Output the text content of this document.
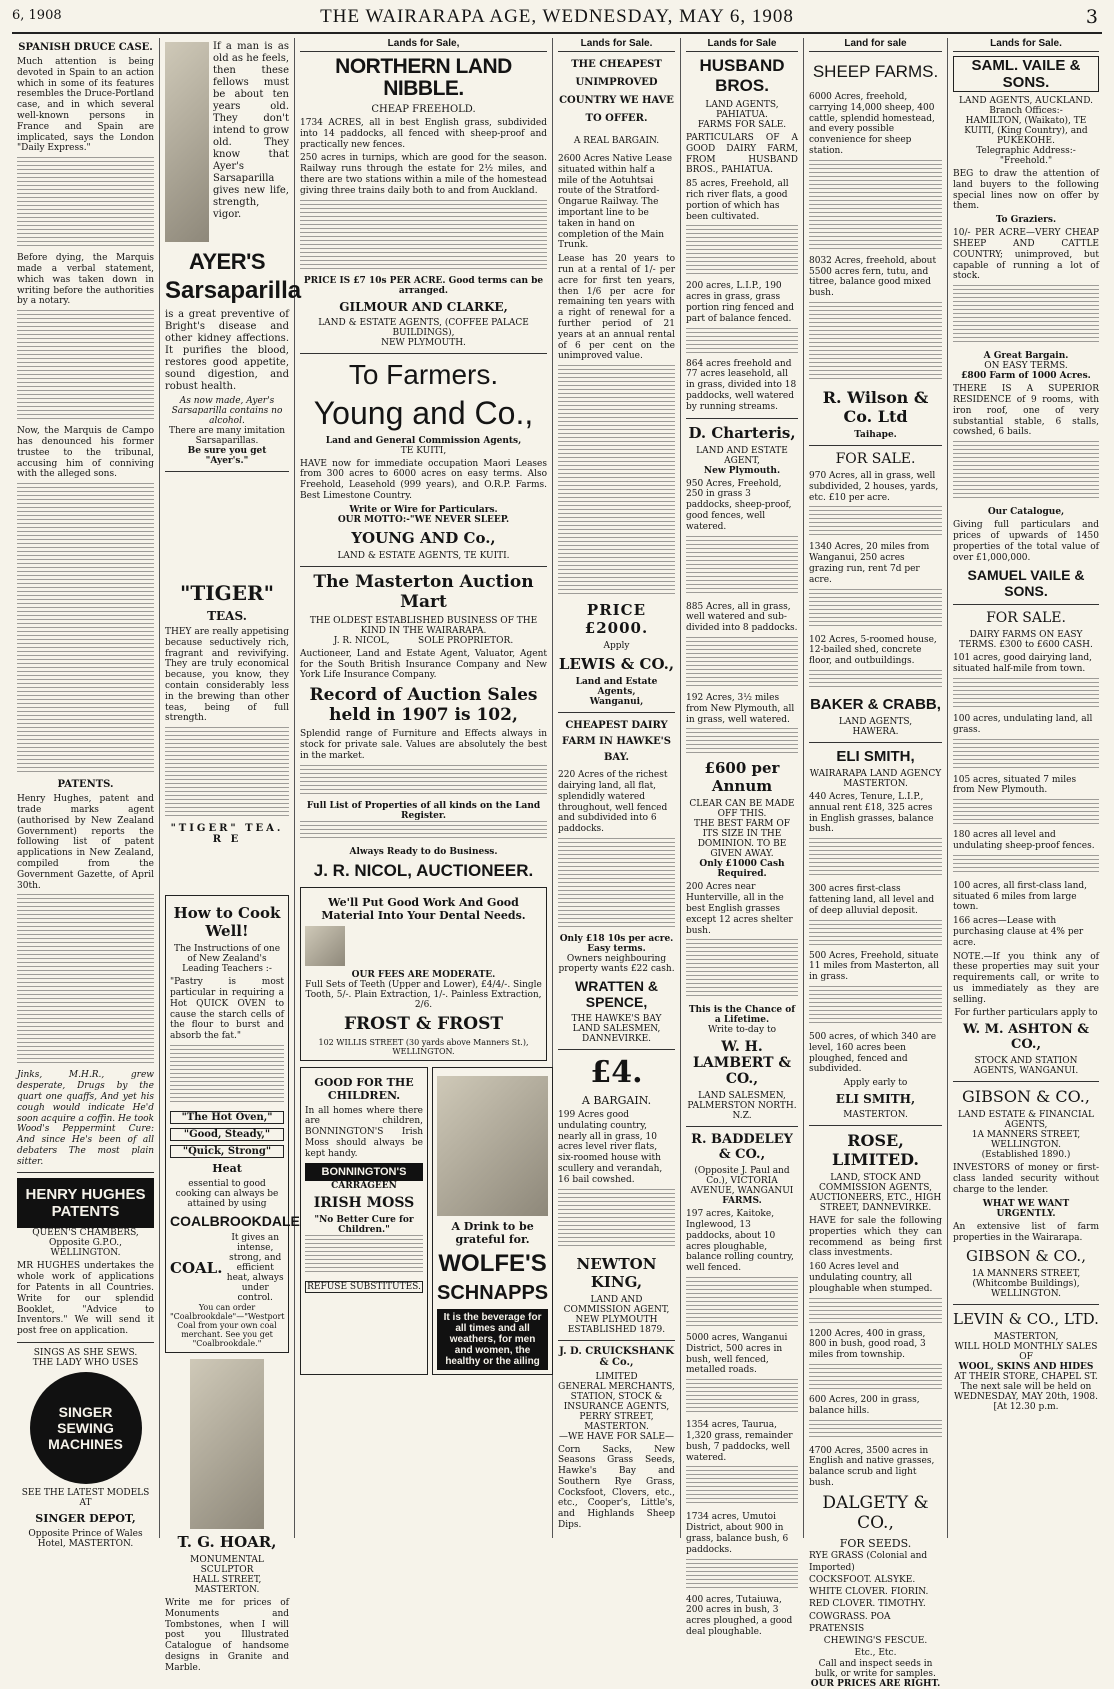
6, 1908	THE WAIRARAPA AGE, WEDNESDAY, MAY 6, 1908	3
SPANISH DRUCE CASE.

Much attention is being devoted in Spain to an action which in some of its features resembles the Druce-Portland case, and in which several well-known persons in France and Spain are implicated, says the London "Daily Express."

Before dying, the Marquis made a verbal statement, which was taken down in writing before the authorities by a notary.

Now, the Marquis de Campo has denounced his former trustee to the tribunal, accusing him of conniving with the alleged sons.

PATENTS.

Henry Hughes, patent and trade marks agent (authorised by New Zealand Government) reports the following list of patent applications in New Zealand, compiled from the Government Gazette, of April 30th.

Jinks, M.H.R., grew desperate, Drugs by the quart one quaffs, And yet his cough would indicate He'd soon acquire a coffin. He took Wood's Peppermint Cure: And since He's been of all debaters The most plain sitter.

HENRY HUGHES PATENTS
QUEEN'S CHAMBERS, Opposite G.P.O., WELLINGTON.

MR HUGHES undertakes the whole work of applications for Patents in all Countries. Write for our splendid Booklet, "Advice to Inventors." We will send it post free on application.

SINGS AS SHE SEWS.
THE LADY WHO USES
SINGER SEWING MACHINES
SEE THE LATEST MODELS
AT
SINGER DEPOT,
Opposite Prince of Wales Hotel, MASTERTON.

If a man is as old as he feels, then these fellows must be about ten years old. They don't intend to grow old. They know that Ayer's Sarsaparilla gives new life, strength, vigor.

AYER'S
Sarsaparilla

is a great preventive of Bright's disease and other kidney affections. It purifies the blood, restores good appetite, sound digestion, and robust health.

As now made, Ayer's Sarsaparilla contains no alcohol.
There are many imitation Sarsaparillas.
Be sure you get "Ayer's."
"TIGER"
TEAS.

THEY are really appetising because seductively rich, fragrant and revivifying. They are truly economical because, you know, they contain considerably less in the brewing than other teas, being of full strength.

"TIGER" TEA. R E
How to Cook Well!
The Instructions of one of New Zealand's Leading Teachers :-

"Pastry is most particular in requiring a Hot QUICK OVEN to cause the starch cells of the flour to burst and absorb the fat."

"The Hot Oven,"
"Good, Steady,"
"Quick, Strong"
Heat
essential to good cooking can always be attained by using
COALBROOKDALE
COAL.
It gives an intense, strong, and efficient heat, always under control.
You can order "Coalbrookdale"—"Westport Coal from your own coal merchant. See you get "Coalbrookdale."
T. G. HOAR,
MONUMENTAL SCULPTOR
HALL STREET, MASTERTON.

Write me for prices of Monuments and Tombstones, when I will post you Illustrated Catalogue of handsome designs in Granite and Marble.

Lands for Sale,
NORTHERN LAND NIBBLE.
CHEAP FREEHOLD.

1734 ACRES, all in best English grass, subdivided into 14 paddocks, all fenced with sheep-proof and practically new fences.

250 acres in turnips, which are good for the season. Railway runs through the estate for 2½ miles, and there are two stations within a mile of the homestead giving three trains daily both to and from Auckland.

PRICE IS £7 10s PER ACRE. Good terms can be arranged.
GILMOUR AND CLARKE,
LAND & ESTATE AGENTS, (COFFEE PALACE BUILDINGS),
NEW PLYMOUTH.
To Farmers.
Young and Co.,
Land and General Commission Agents,
TE KUITI,

HAVE now for immediate occupation Maori Leases from 300 acres to 6000 acres on easy terms. Also Freehold, Leasehold (999 years), and O.R.P. Farms. Best Limestone Country.

Write or Wire for Particulars.
OUR MOTTO:-"WE NEVER SLEEP.
YOUNG AND Co.,
LAND & ESTATE AGENTS, TE KUITI.
The Masterton Auction Mart
THE OLDEST ESTABLISHED BUSINESS OF THE KIND IN THE WAIRARAPA.
J. R. NICOL,          SOLE PROPRIETOR.

Auctioneer, Land and Estate Agent, Valuator, Agent for the South British Insurance Company and New York Life Insurance Company.

Record of Auction Sales held in 1907 is 102,

Splendid range of Furniture and Effects always in stock for private sale. Values are absolutely the best in the market.

Full List of Properties of all kinds on the Land Register.
Always Ready to do Business.
J. R. NICOL, AUCTIONEER.
We'll Put Good Work And Good Material Into Your Dental Needs.
OUR FEES ARE MODERATE.
Full Sets of Teeth (Upper and Lower), £4/4/-. Single Tooth, 5/-. Plain Extraction, 1/-. Painless Extraction, 2/6.
FROST & FROST
102 WILLIS STREET (30 yards above Manners St.), WELLINGTON.
GOOD FOR THE CHILDREN.

In all homes where there are children, BONNINGTON'S Irish Moss should always be kept handy.

BONNINGTON'S
CARRAGEEN
IRISH MOSS
"No Better Cure for Children."
REFUSE SUBSTITUTES.
A Drink to be grateful for.
WOLFE'S
SCHNAPPS
It is the beverage for all times and all weathers, for men and women, the healthy or the ailing
Lands for Sale.
THE CHEAPEST UNIMPROVED COUNTRY WE HAVE TO OFFER.
A REAL BARGAIN.

2600 Acres Native Lease situated within half a mile of the Aotuhtsai route of the Stratford-Ongarue Railway. The important line to be taken in hand on completion of the Main Trunk.

Lease has 20 years to run at a rental of 1/- per acre for first ten years, then 1/6 per acre for remaining ten years with a right of renewal for a further period of 21 years at an annual rental of 6 per cent on the unimproved value.

PRICE £2000.
Apply
LEWIS & CO.,
Land and Estate Agents,
Wanganui,
CHEAPEST DAIRY FARM IN HAWKE'S BAY.

220 Acres of the richest dairying land, all flat, splendidly watered throughout, well fenced and subdivided into 6 paddocks.

Only £18 10s per acre. Easy terms.
Owners neighbouring property wants £22 cash.
WRATTEN & SPENCE,
THE HAWKE'S BAY LAND SALESMEN, DANNEVIRKE.
£4.
A BARGAIN.

199 Acres good undulating country, nearly all in grass, 10 acres level river flats, six-roomed house with scullery and verandah, 16 bail cowshed.

NEWTON KING,
LAND AND COMMISSION AGENT,
NEW PLYMOUTH
ESTABLISHED 1879.
J. D. CRUICKSHANK & Co.,
LIMITED
GENERAL MERCHANTS, STATION, STOCK & INSURANCE AGENTS,
PERRY STREET, MASTERTON.
—WE HAVE FOR SALE—

Corn Sacks, New Seasons Grass Seeds, Hawke's Bay and Southern Rye Grass, Cocksfoot, Clovers, etc., etc., Cooper's, Little's, and Highlands Sheep Dips.

Lands for Sale
HUSBAND BROS.
LAND AGENTS,
PAHIATUA.
FARMS FOR SALE.

PARTICULARS OF A GOOD DAIRY FARM, FROM HUSBAND BROS., PAHIATUA.

85 acres, Freehold, all rich river flats, a good portion of which has been cultivated.

200 acres, L.I.P., 190 acres in grass, grass portion ring fenced and part of balance fenced.

864 acres freehold and 77 acres leasehold, all in grass, divided into 18 paddocks, well watered by running streams.

D. Charteris,
LAND AND ESTATE AGENT,
New Plymouth.

950 Acres, Freehold, 250 in grass 3 paddocks, sheep-proof, good fences, well watered.

885 Acres, all in grass, well watered and sub-divided into 8 paddocks.

192 Acres, 3½ miles from New Plymouth, all in grass, well watered.

£600 per Annum
CLEAR CAN BE MADE OFF THIS.
THE BEST FARM OF ITS SIZE IN THE DOMINION. TO BE GIVEN AWAY.
Only £1000 Cash Required.

200 Acres near Hunterville, all in the best English grasses except 12 acres shelter bush.

This is the Chance of a Lifetime.
Write to-day to
W. H. LAMBERT & CO.,
LAND SALESMEN, PALMERSTON NORTH. N.Z.
R. BADDELEY & CO.,
(Opposite J. Paul and Co.), VICTORIA AVENUE, WANGANUI
FARMS.

197 acres, Kaitoke, Inglewood, 13 paddocks, about 10 acres ploughable, balance rolling country, well fenced.

5000 acres, Wanganui District, 500 acres in bush, well fenced, metalled roads.

1354 acres, Taurua, 1,320 grass, remainder bush, 7 paddocks, well watered.

1734 acres, Umutoi District, about 900 in grass, balance bush, 6 paddocks.

400 acres, Tutaiuwa, 200 acres in bush, 3 acres ploughed, a good deal ploughable.

Land for sale
SHEEP FARMS.

6000 Acres, freehold, carrying 14,000 sheep, 400 cattle, splendid homestead, and every possible convenience for sheep station.

8032 Acres, freehold, about 5500 acres fern, tutu, and titree, balance good mixed bush.

R. Wilson & Co. Ltd
Taihape.
FOR SALE.

970 Acres, all in grass, well subdivided, 2 houses, yards, etc. £10 per acre.

1340 Acres, 20 miles from Wanganui, 250 acres grazing run, rent 7d per acre.

102 Acres, 5-roomed house, 12-bailed shed, concrete floor, and outbuildings.

BAKER & CRABB,
LAND AGENTS,
HAWERA.
ELI SMITH,
WAIRARAPA LAND AGENCY
MASTERTON.

440 Acres, Tenure, L.I.P., annual rent £18, 325 acres in English grasses, balance bush.

300 acres first-class fattening land, all level and of deep alluvial deposit.

500 Acres, Freehold, situate 11 miles from Masterton, all in grass.

500 acres, of which 340 are level, 160 acres been ploughed, fenced and subdivided.

Apply early to
ELI SMITH,
MASTERTON.
ROSE, LIMITED.
LAND, STOCK AND COMMISSION AGENTS, AUCTIONEERS, ETC., HIGH STREET, DANNEVIRKE.

HAVE for sale the following properties which they can recommend as being first class investments.

160 Acres level and undulating country, all ploughable when stumped.

1200 Acres, 400 in grass, 800 in bush, good road, 3 miles from township.

600 Acres, 200 in grass, balance hills.

4700 Acres, 3500 acres in English and native grasses, balance scrub and light bush.

DALGETY & CO.,
FOR SEEDS.
RYE GRASS (Colonial and Imported)
COCKSFOOT. ALSYKE.
WHITE CLOVER. FIORIN.
RED CLOVER. TIMOTHY.
COWGRASS. POA PRATENSIS
CHEWING'S FESCUE.
Etc., Etc.
Call and inspect seeds in bulk, or write for samples.
OUR PRICES ARE RIGHT.
Lands for Sale.
SAML. VAILE & SONS.
LAND AGENTS, AUCKLAND.
Branch Offices:-
HAMILTON, (Waikato), TE KUITI, (King Country), and PUKEKOHE.
Telegraphic Address:-"Freehold."

BEG to draw the attention of land buyers to the following special lines now on offer by them.

To Graziers.

10/- PER ACRE—VERY CHEAP SHEEP AND CATTLE COUNTRY; unimproved, but capable of running a lot of stock.

A Great Bargain.
ON EASY TERMS.
£800 Farm of 1000 Acres.

THERE IS A SUPERIOR RESIDENCE of 9 rooms, with iron roof, one of very substantial stable, 6 stalls, cowshed, 6 bails.

Our Catalogue,

Giving full particulars and prices of upwards of 1450 properties of the total value of over £1,000,000.

SAMUEL VAILE & SONS.
FOR SALE.
DAIRY FARMS ON EASY TERMS. £300 to £600 CASH.

101 acres, good dairying land, situated half-mile from town.

100 acres, undulating land, all grass.

105 acres, situated 7 miles from New Plymouth.

180 acres all level and undulating sheep-proof fences.

100 acres, all first-class land, situated 6 miles from large town.

166 acres—Lease with purchasing clause at 4% per acre.

NOTE.—If you think any of these properties may suit your requirements call, or write to us immediately as they are selling.

For further particulars apply to
W. M. ASHTON & CO.,
STOCK AND STATION AGENTS, WANGANUI.
GIBSON & CO.,
LAND ESTATE & FINANCIAL AGENTS,
1A MANNERS STREET, WELLINGTON.
(Established 1890.)

INVESTORS of money or first-class landed security without charge to the lender.

WHAT WE WANT URGENTLY.

An extensive list of farm properties in the Wairarapa.

GIBSON & CO.,
1A MANNERS STREET, (Whitcombe Buildings), WELLINGTON.
LEVIN & CO., LTD.
MASTERTON,
WILL HOLD MONTHLY SALES
OF
WOOL, SKINS AND HIDES
AT THEIR STORE, CHAPEL ST.
The next sale will be held on
WEDNESDAY, MAY 20th, 1908.
[At 12.30 p.m.
